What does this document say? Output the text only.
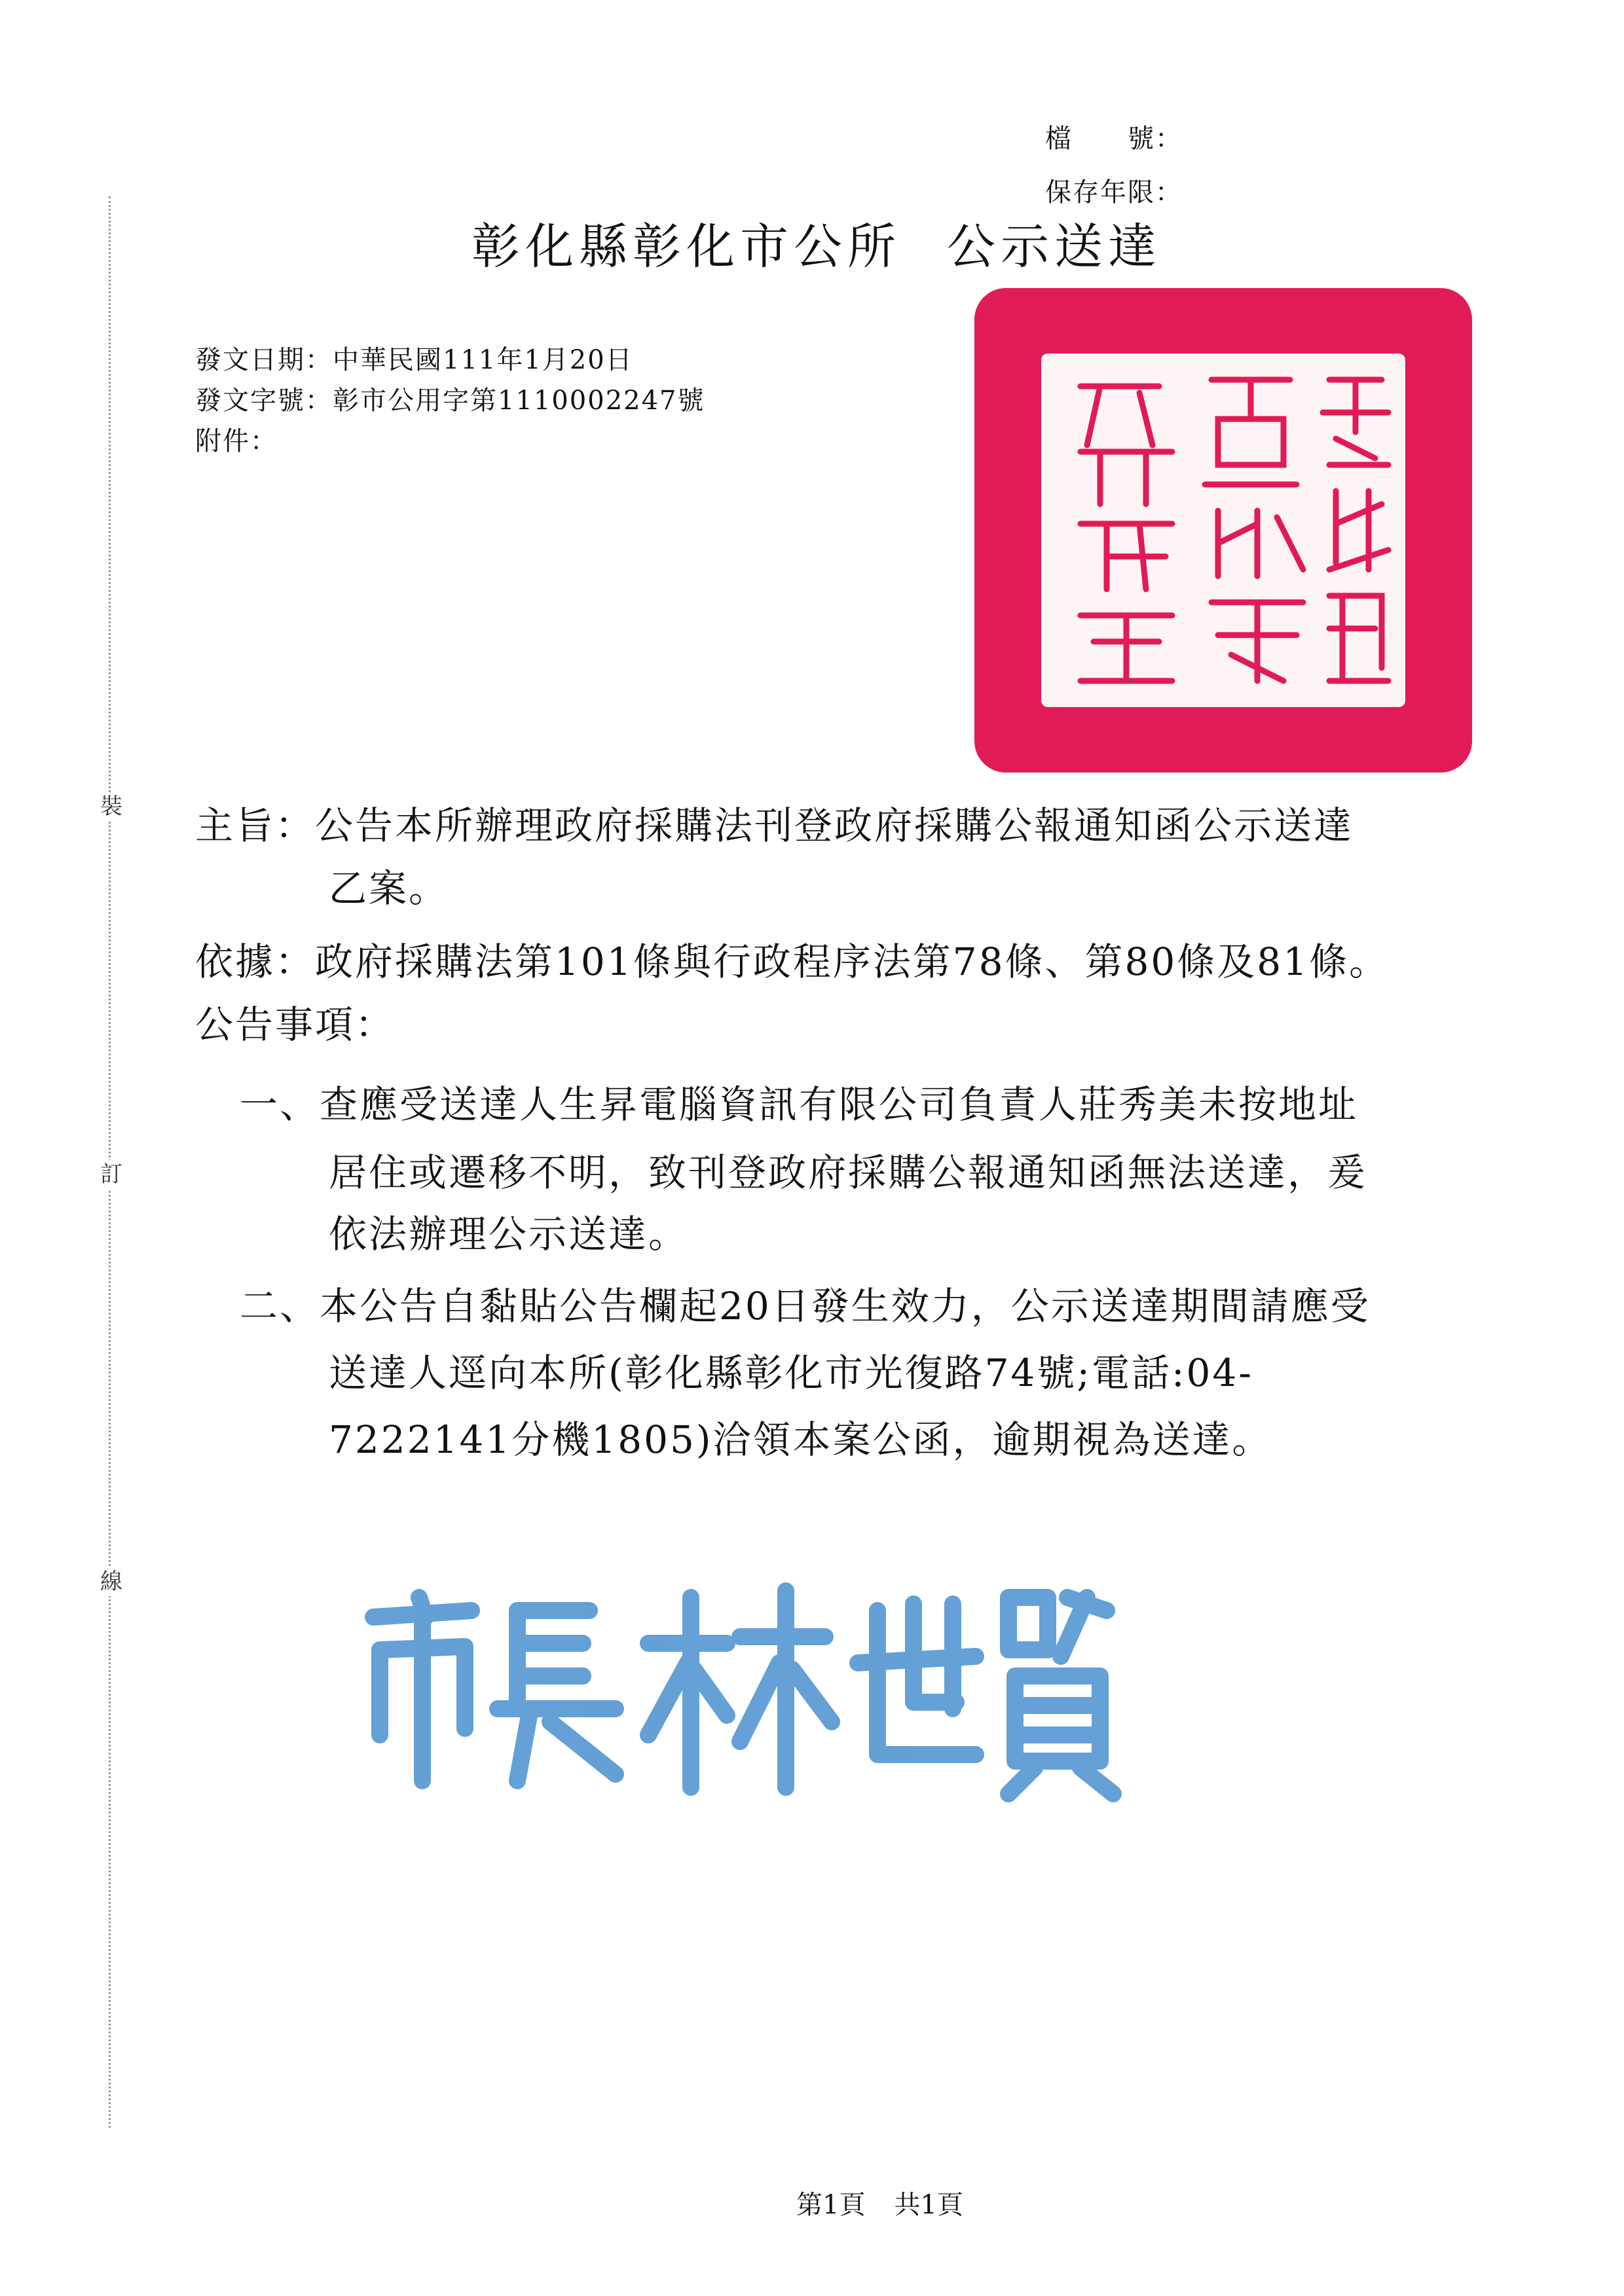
裝
訂
線
檔　　號：
保存年限：
彰化縣彰化市公所 公示送達
發文日期：中華民國111年1月20日
發文字號：彰市公用字第1110002247號
附件：
主旨：公告本所辦理政府採購法刊登政府採購公報通知函公示送達
乙案。
依據：政府採購法第101條與行政程序法第78條、第80條及81條。
公告事項：
一、查應受送達人生昇電腦資訊有限公司負責人莊秀美未按地址
居住或遷移不明，致刊登政府採購公報通知函無法送達，爰
依法辦理公示送達。
二、本公告自黏貼公告欄起20日發生效力，公示送達期間請應受
送達人逕向本所(彰化縣彰化市光復路74號;電話:04-
7222141分機1805)洽領本案公函，逾期視為送達。
第1頁 共1頁
